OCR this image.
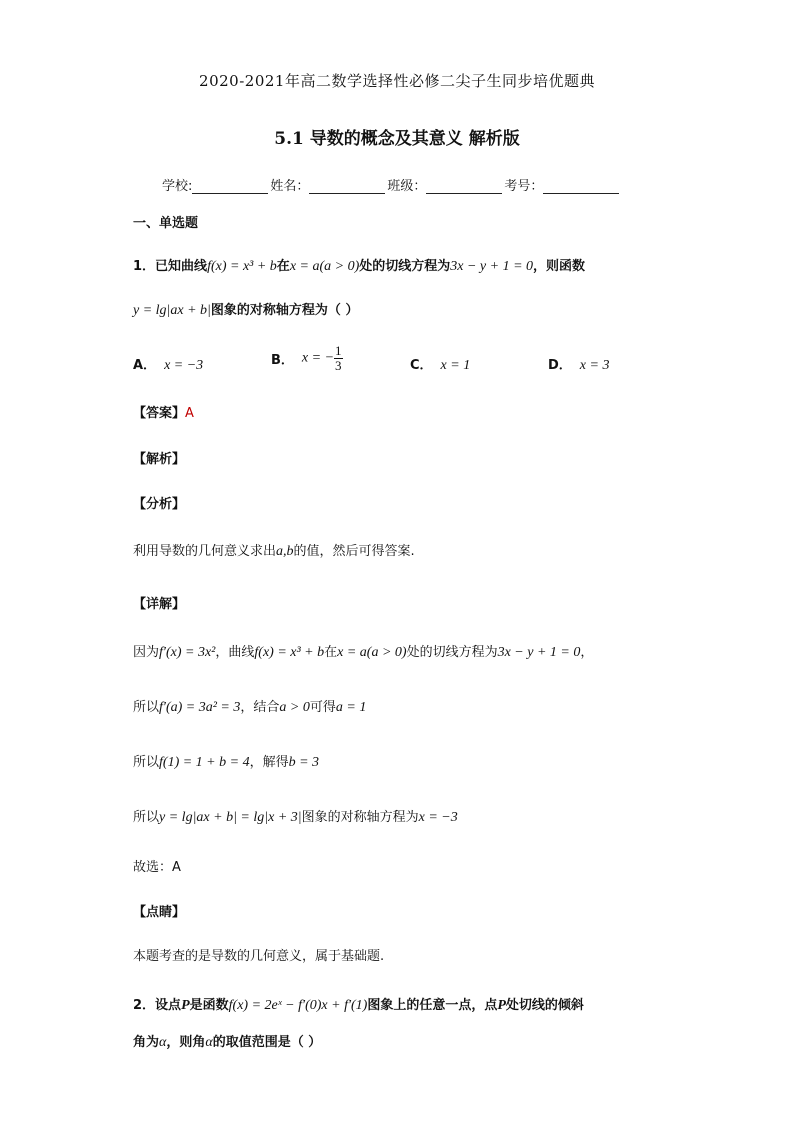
2020-2021年高二数学选择性必修二尖子生同步培优题典
5.1 导数的概念及其意义 解析版
学校:	姓名：	班级：	考号：
一、单选题
1．已知曲线f(x) = x³ + b在x = a(a > 0)处的切线方程为3x − y + 1 = 0，则函数
y = lg|ax + b|图象的对称轴方程为（ ）
A． x = −3	B． x = − $\frac{1}{3}$	C． x = 1	D． x = 3
【答案】A
【解析】
【分析】
利用导数的几何意义求出a,b的值，然后可得答案.
【详解】
因为f′(x) = 3x²，曲线f(x) = x³ + b在x = a(a > 0)处的切线方程为3x − y + 1 = 0，
所以f′(a) = 3a² = 3，结合a > 0可得a = 1
所以f(1) = 1 + b = 4，解得b = 3
所以y = lg|ax + b| = lg|x + 3|图象的对称轴方程为x = −3
故选：A
【点睛】
本题考查的是导数的几何意义，属于基础题.
2．设点P是函数f(x) = 2eˣ − f′(0)x + f′(1)图象上的任意一点，点P处切线的倾斜
角为α，则角α的取值范围是（ ）
